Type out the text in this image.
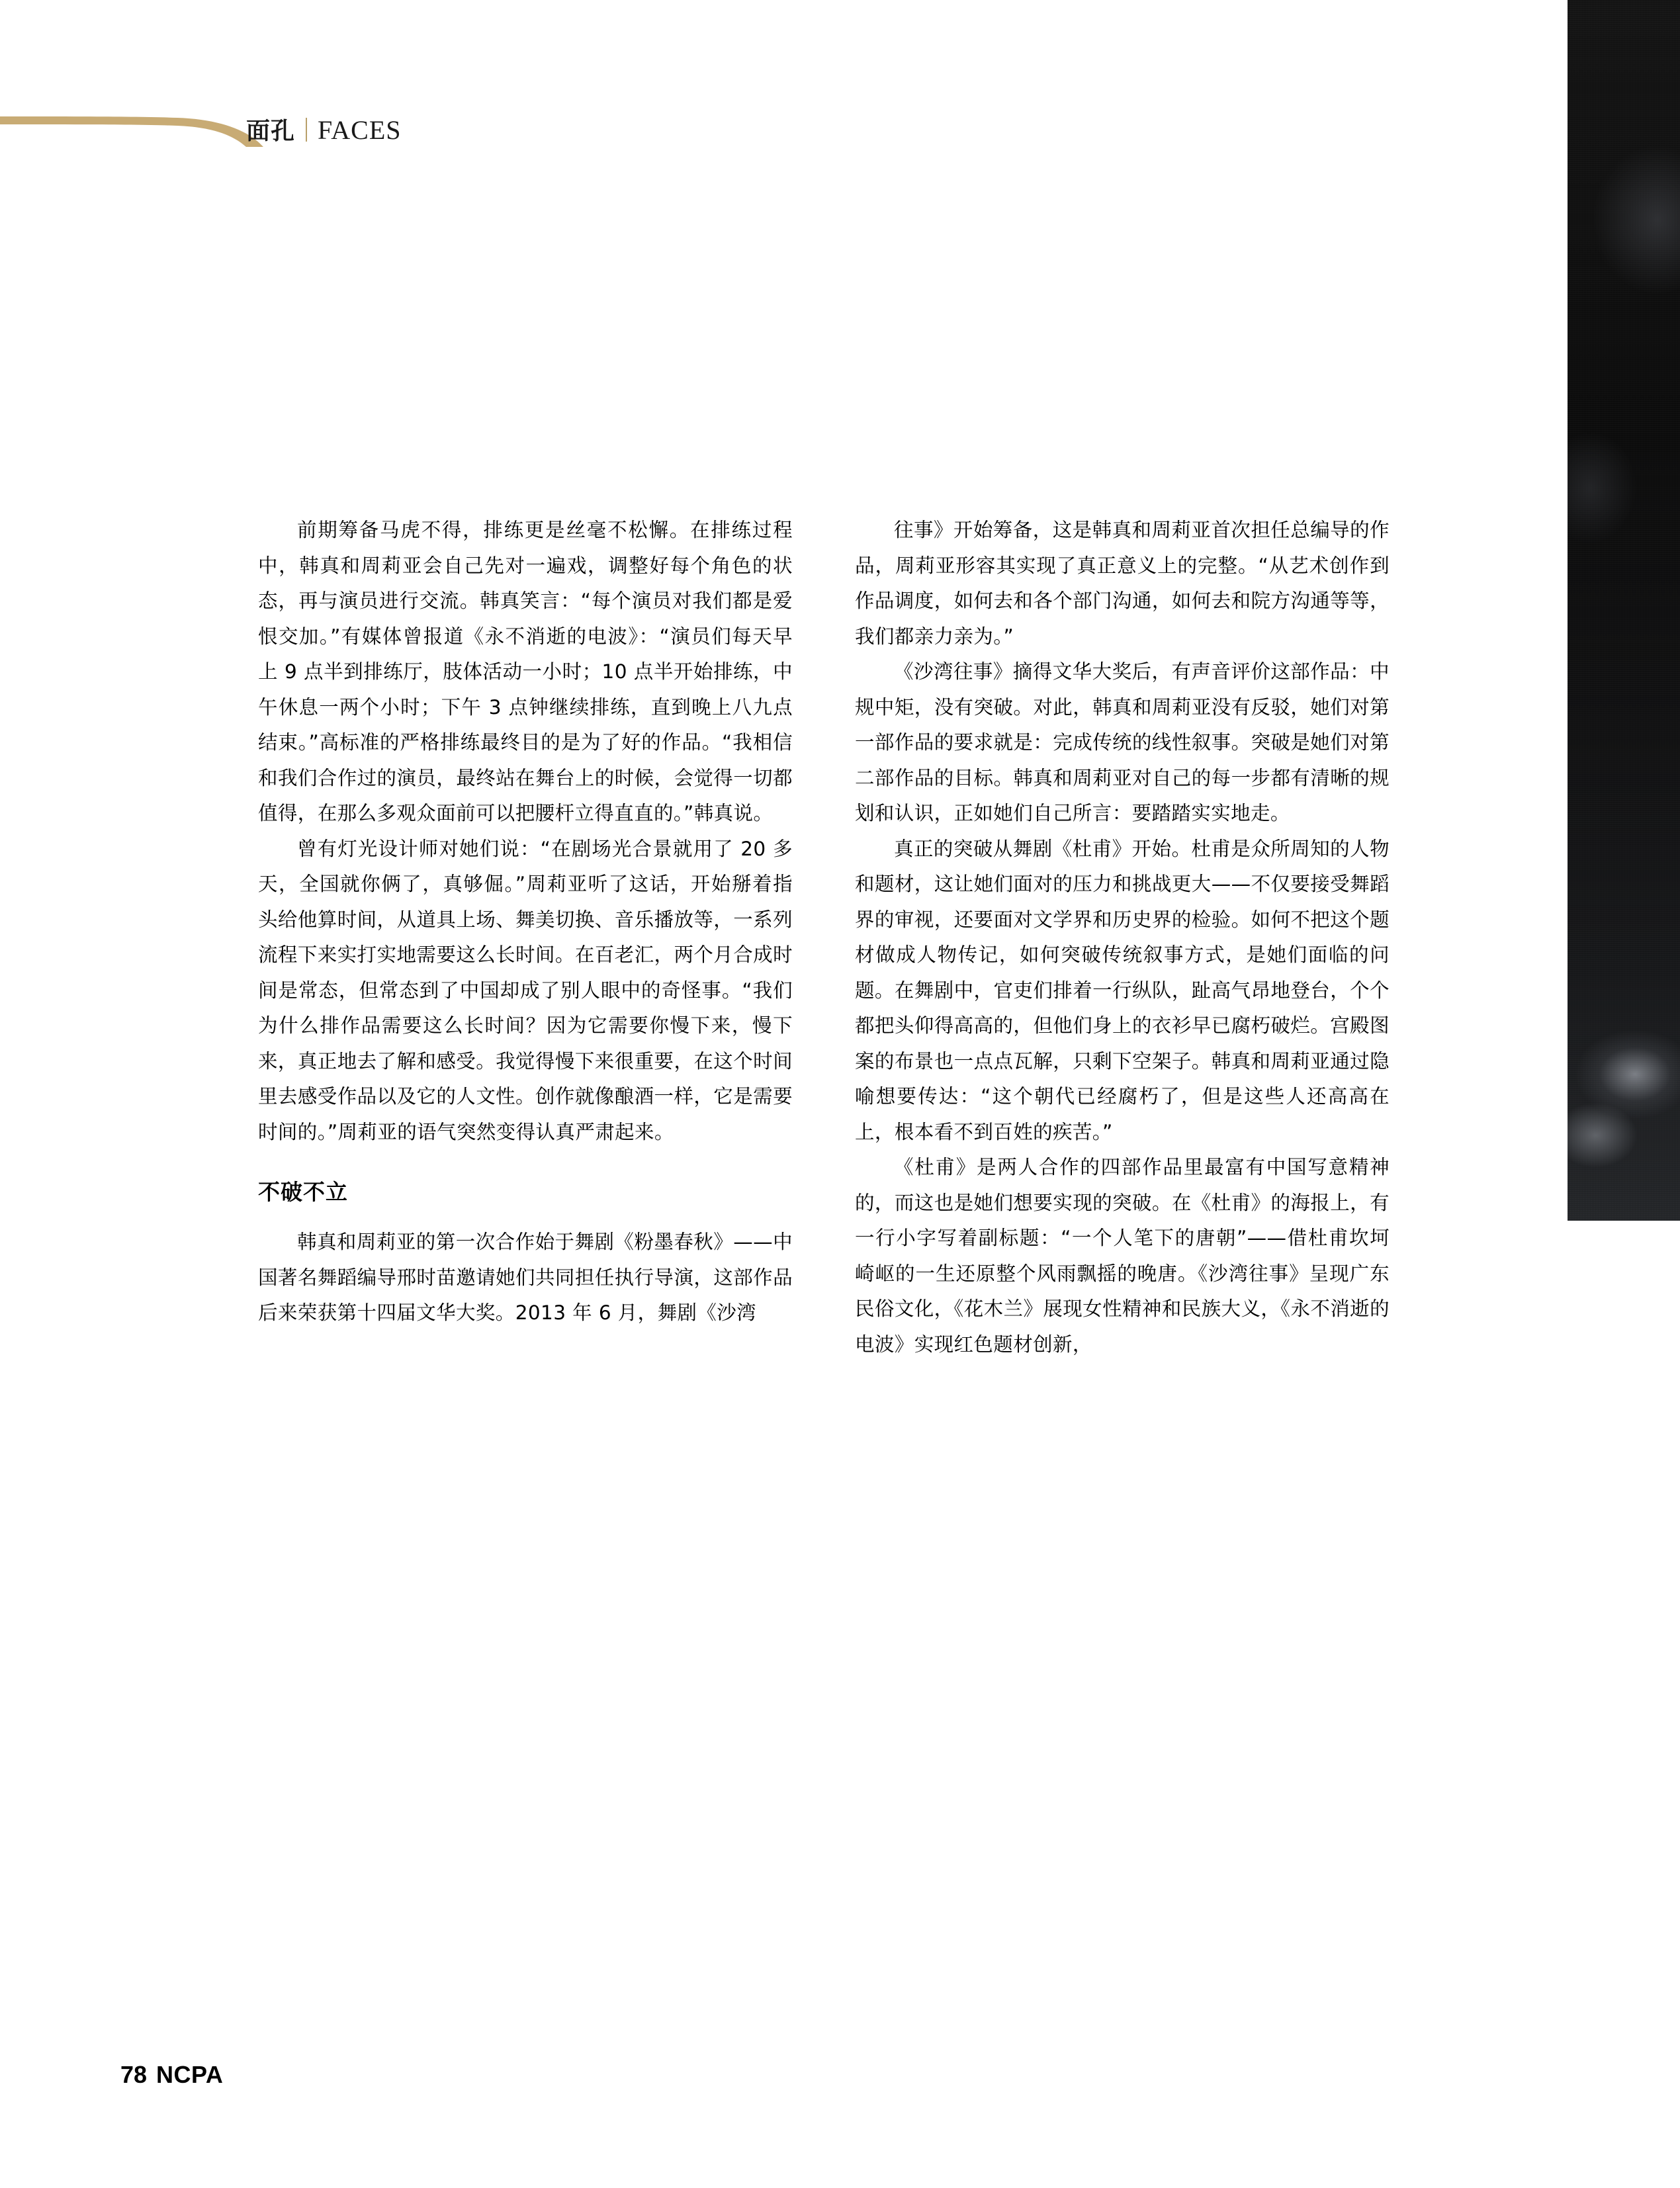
面孔 FACES

前期筹备马虎不得，排练更是丝毫不松懈。在排练过程中，韩真和周莉亚会自己先对一遍戏，调整好每个角色的状态，再与演员进行交流。韩真笑言：“每个演员对我们都是爱恨交加。”有媒体曾报道《永不消逝的电波》：“演员们每天早上 9 点半到排练厅，肢体活动一小时；10 点半开始排练，中午休息一两个小时；下午 3 点钟继续排练，直到晚上八九点结束。”高标准的严格排练最终目的是为了好的作品。“我相信和我们合作过的演员，最终站在舞台上的时候，会觉得一切都值得，在那么多观众面前可以把腰杆立得直直的。”韩真说。

曾有灯光设计师对她们说：“在剧场光合景就用了 20 多天，全国就你俩了，真够倔。”周莉亚听了这话，开始掰着指头给他算时间，从道具上场、舞美切换、音乐播放等，一系列流程下来实打实地需要这么长时间。在百老汇，两个月合成时间是常态，但常态到了中国却成了别人眼中的奇怪事。“我们为什么排作品需要这么长时间？因为它需要你慢下来，慢下来，真正地去了解和感受。我觉得慢下来很重要，在这个时间里去感受作品以及它的人文性。创作就像酿酒一样，它是需要时间的。”周莉亚的语气突然变得认真严肃起来。

不破不立

韩真和周莉亚的第一次合作始于舞剧《粉墨春秋》——中国著名舞蹈编导邢时苗邀请她们共同担任执行导演，这部作品后来荣获第十四届文华大奖。2013 年 6 月，舞剧《沙湾

往事》开始筹备，这是韩真和周莉亚首次担任总编导的作品，周莉亚形容其实现了真正意义上的完整。“从艺术创作到作品调度，如何去和各个部门沟通，如何去和院方沟通等等，我们都亲力亲为。”

《沙湾往事》摘得文华大奖后，有声音评价这部作品：中规中矩，没有突破。对此，韩真和周莉亚没有反驳，她们对第一部作品的要求就是：完成传统的线性叙事。突破是她们对第二部作品的目标。韩真和周莉亚对自己的每一步都有清晰的规划和认识，正如她们自己所言：要踏踏实实地走。

真正的突破从舞剧《杜甫》开始。杜甫是众所周知的人物和题材，这让她们面对的压力和挑战更大——不仅要接受舞蹈界的审视，还要面对文学界和历史界的检验。如何不把这个题材做成人物传记，如何突破传统叙事方式，是她们面临的问题。在舞剧中，官吏们排着一行纵队，趾高气昂地登台，个个都把头仰得高高的，但他们身上的衣衫早已腐朽破烂。宫殿图案的布景也一点点瓦解，只剩下空架子。韩真和周莉亚通过隐喻想要传达：“这个朝代已经腐朽了，但是这些人还高高在上，根本看不到百姓的疾苦。”

《杜甫》是两人合作的四部作品里最富有中国写意精神的，而这也是她们想要实现的突破。在《杜甫》的海报上，有一行小字写着副标题：“一个人笔下的唐朝”——借杜甫坎坷崎岖的一生还原整个风雨飘摇的晚唐。《沙湾往事》呈现广东民俗文化，《花木兰》展现女性精神和民族大义，《永不消逝的电波》实现红色题材创新，

78 NCPA
